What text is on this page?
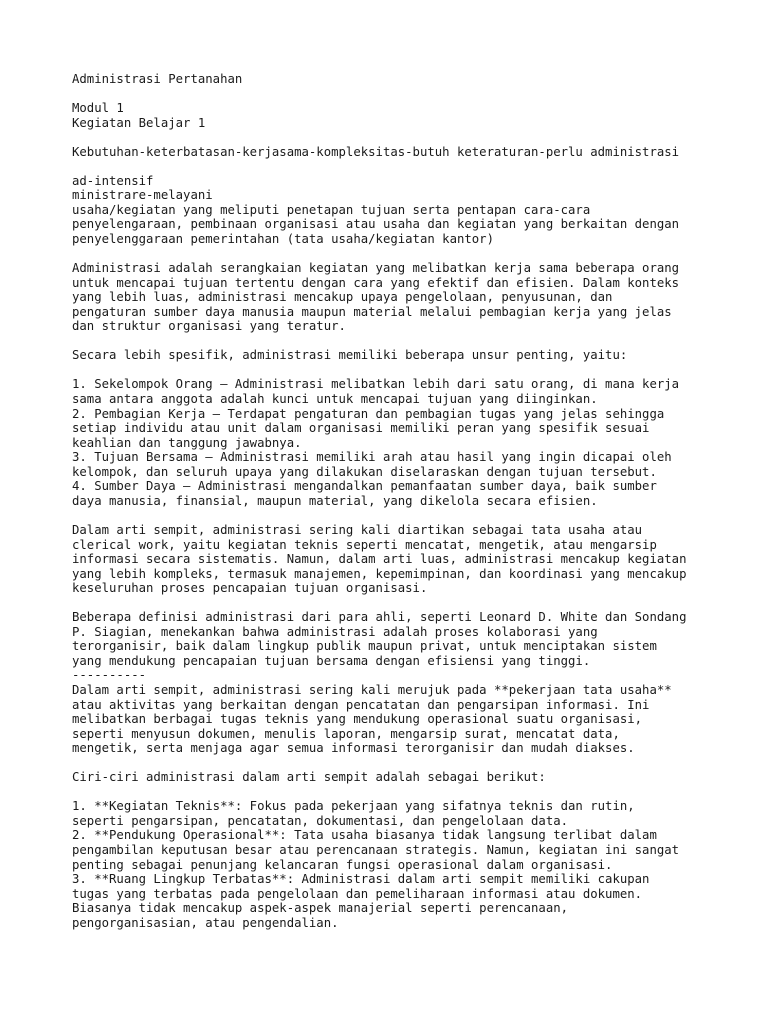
Administrasi Pertanahan
Modul 1
Kegiatan Belajar 1
Kebutuhan-keterbatasan-kerjasama-kompleksitas-butuh keteraturan-perlu administrasi
ad-intensif
ministrare-melayani
usaha/kegiatan yang meliputi penetapan tujuan serta pentapan cara-cara
penyelengaraan, pembinaan organisasi atau usaha dan kegiatan yang berkaitan dengan
penyelenggaraan pemerintahan (tata usaha/kegiatan kantor)
Administrasi adalah serangkaian kegiatan yang melibatkan kerja sama beberapa orang
untuk mencapai tujuan tertentu dengan cara yang efektif dan efisien. Dalam konteks
yang lebih luas, administrasi mencakup upaya pengelolaan, penyusunan, dan
pengaturan sumber daya manusia maupun material melalui pembagian kerja yang jelas
dan struktur organisasi yang teratur.
Secara lebih spesifik, administrasi memiliki beberapa unsur penting, yaitu:
1. Sekelompok Orang – Administrasi melibatkan lebih dari satu orang, di mana kerja
sama antara anggota adalah kunci untuk mencapai tujuan yang diinginkan.
2. Pembagian Kerja – Terdapat pengaturan dan pembagian tugas yang jelas sehingga
setiap individu atau unit dalam organisasi memiliki peran yang spesifik sesuai
keahlian dan tanggung jawabnya.
3. Tujuan Bersama – Administrasi memiliki arah atau hasil yang ingin dicapai oleh
kelompok, dan seluruh upaya yang dilakukan diselaraskan dengan tujuan tersebut.
4. Sumber Daya – Administrasi mengandalkan pemanfaatan sumber daya, baik sumber
daya manusia, finansial, maupun material, yang dikelola secara efisien.
Dalam arti sempit, administrasi sering kali diartikan sebagai tata usaha atau
clerical work, yaitu kegiatan teknis seperti mencatat, mengetik, atau mengarsip
informasi secara sistematis. Namun, dalam arti luas, administrasi mencakup kegiatan
yang lebih kompleks, termasuk manajemen, kepemimpinan, dan koordinasi yang mencakup
keseluruhan proses pencapaian tujuan organisasi.
Beberapa definisi administrasi dari para ahli, seperti Leonard D. White dan Sondang
P. Siagian, menekankan bahwa administrasi adalah proses kolaborasi yang
terorganisir, baik dalam lingkup publik maupun privat, untuk menciptakan sistem
yang mendukung pencapaian tujuan bersama dengan efisiensi yang tinggi.
----------
Dalam arti sempit, administrasi sering kali merujuk pada **pekerjaan tata usaha**
atau aktivitas yang berkaitan dengan pencatatan dan pengarsipan informasi. Ini
melibatkan berbagai tugas teknis yang mendukung operasional suatu organisasi,
seperti menyusun dokumen, menulis laporan, mengarsip surat, mencatat data,
mengetik, serta menjaga agar semua informasi terorganisir dan mudah diakses.
Ciri-ciri administrasi dalam arti sempit adalah sebagai berikut:
1. **Kegiatan Teknis**: Fokus pada pekerjaan yang sifatnya teknis dan rutin,
seperti pengarsipan, pencatatan, dokumentasi, dan pengelolaan data.
2. **Pendukung Operasional**: Tata usaha biasanya tidak langsung terlibat dalam
pengambilan keputusan besar atau perencanaan strategis. Namun, kegiatan ini sangat
penting sebagai penunjang kelancaran fungsi operasional dalam organisasi.
3. **Ruang Lingkup Terbatas**: Administrasi dalam arti sempit memiliki cakupan
tugas yang terbatas pada pengelolaan dan pemeliharaan informasi atau dokumen.
Biasanya tidak mencakup aspek-aspek manajerial seperti perencanaan,
pengorganisasian, atau pengendalian.
